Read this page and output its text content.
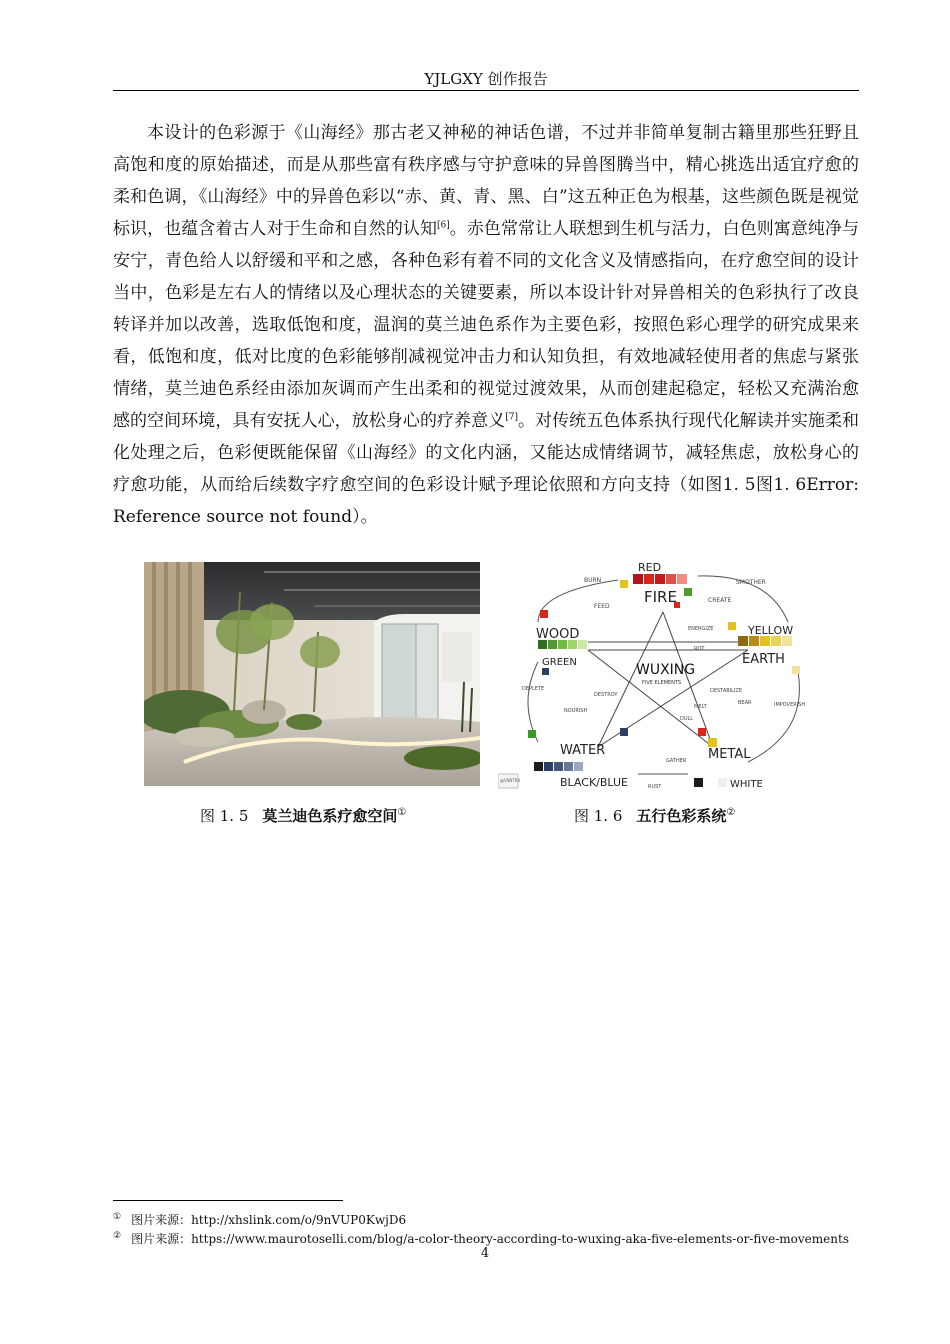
YJLGXY 创作报告

本设计的色彩源于《山海经》那古老又神秘的神话色谱，不过并非简单复制古籍里那些狂野且高饱和度的原始描述，而是从那些富有秩序感与守护意味的异兽图腾当中，精心挑选出适宜疗愈的柔和色调，《山海经》中的异兽色彩以“赤、黄、青、黑、白”这五种正色为根基，这些颜色既是视觉标识，也蕴含着古人对于生命和自然的认知[6]。赤色常常让人联想到生机与活力，白色则寓意纯净与安宁，青色给人以舒缓和平和之感，各种色彩有着不同的文化含义及情感指向，在疗愈空间的设计当中，色彩是左右人的情绪以及心理状态的关键要素，所以本设计针对异兽相关的色彩执行了改良转译并加以改善，选取低饱和度，温润的莫兰迪色系作为主要色彩，按照色彩心理学的研究成果来看，低饱和度，低对比度的色彩能够削减视觉冲击力和认知负担，有效地减轻使用者的焦虑与紧张情绪，莫兰迪色系经由添加灰调而产生出柔和的视觉过渡效果，从而创建起稳定，轻松又充满治愈感的空间环境，具有安抚人心，放松身心的疗养意义[7]。对传统五色体系执行现代化解读并实施柔和化处理之后，色彩便既能保留《山海经》的文化内涵，又能达成情绪调节，减轻焦虑，放松身心的疗愈功能，从而给后续数字疗愈空间的色彩设计赋予理论依照和方向支持（如图1. 5图1. 6Error: Reference source not found）。

RED
FIRE
WOOD
GREEN
YELLOW
EARTH
WATER	METAL
BLACK/BLUE	WHITE
WUXING
FIVE ELEMENTS
BURN	SMOTHER
FEED
CREATE
DEPLETE
DESTROY
NOURISH
DESTABILIZE
BEAR	IMPOVERISH
MELT
DULL
GATHER
RUST
ENERGIZE
ROT
@VSNTRX
图 1. 5 莫兰迪色系疗愈空间①	图 1. 6 五行色彩系统②
① 图片来源：http://xhslink.com/o/9nVUP0KwjD6
② 图片来源：https://www.maurotoselli.com/blog/a-color-theory-according-to-wuxing-aka-five-elements-or-five-movements
4
